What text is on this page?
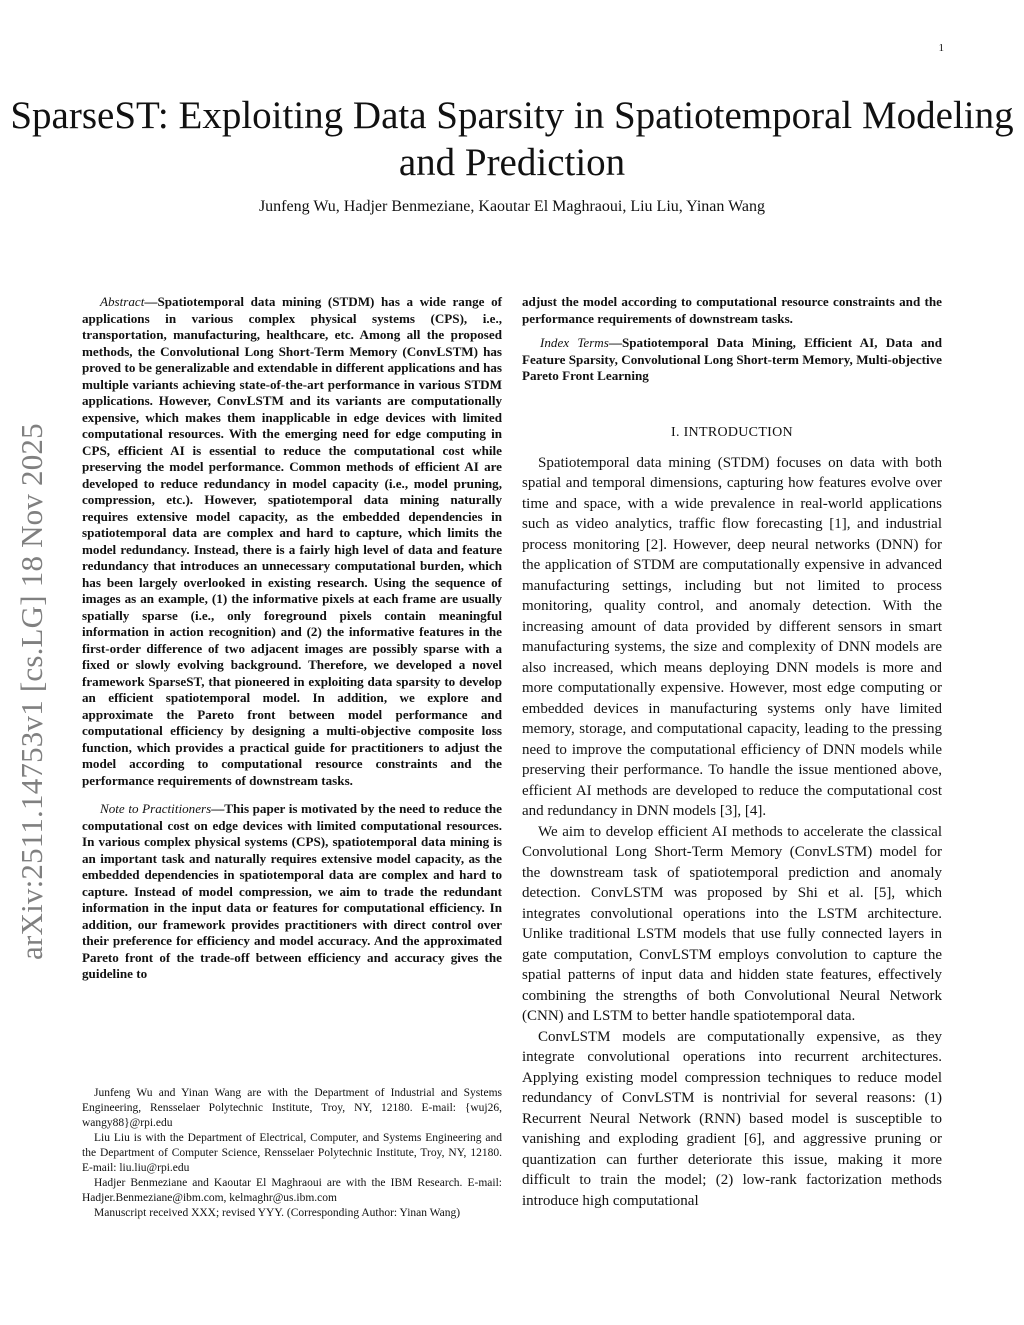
1
arXiv:2511.14753v1 [cs.LG] 18 Nov 2025
SparseST: Exploiting Data Sparsity in Spatiotemporal Modeling and Prediction

Junfeng Wu, Hadjer Benmeziane, Kaoutar El Maghraoui, Liu Liu, Yinan Wang

Abstract—Spatiotemporal data mining (STDM) has a wide range of applications in various complex physical systems (CPS), i.e., transportation, manufacturing, healthcare, etc. Among all the proposed methods, the Convolutional Long Short-Term Memory (ConvLSTM) has proved to be generalizable and extendable in different applications and has multiple variants achieving state-of-the-art performance in various STDM applications. However, ConvLSTM and its variants are computationally expensive, which makes them inapplicable in edge devices with limited computational resources. With the emerging need for edge computing in CPS, efficient AI is essential to reduce the computational cost while preserving the model performance. Common methods of efficient AI are developed to reduce redundancy in model capacity (i.e., model pruning, compression, etc.). However, spatiotemporal data mining naturally requires extensive model capacity, as the embedded dependencies in spatiotemporal data are complex and hard to capture, which limits the model redundancy. Instead, there is a fairly high level of data and feature redundancy that introduces an unnecessary computational burden, which has been largely overlooked in existing research. Using the sequence of images as an example, (1) the informative pixels at each frame are usually spatially sparse (i.e., only foreground pixels contain meaningful information in action recognition) and (2) the informative features in the first-order difference of two adjacent images are possibly sparse with a fixed or slowly evolving background. Therefore, we developed a novel framework SparseST, that pioneered in exploiting data sparsity to develop an efficient spatiotemporal model. In addition, we explore and approximate the Pareto front between model performance and computational efficiency by designing a multi-objective composite loss function, which provides a practical guide for practitioners to adjust the model according to computational resource constraints and the performance requirements of downstream tasks.

Note to Practitioners—This paper is motivated by the need to reduce the computational cost on edge devices with limited computational resources. In various complex physical systems (CPS), spatiotemporal data mining is an important task and naturally requires extensive model capacity, as the embedded dependencies in spatiotemporal data are complex and hard to capture. Instead of model compression, we aim to trade the redundant information in the input data or features for computational efficiency. In addition, our framework provides practitioners with direct control over their preference for efficiency and model accuracy. And the approximated Pareto front of the trade-off between efficiency and accuracy gives the guideline to

adjust the model according to computational resource constraints and the performance requirements of downstream tasks.

Index Terms—Spatiotemporal Data Mining, Efficient AI, Data and Feature Sparsity, Convolutional Long Short-term Memory, Multi-objective Pareto Front Learning

I. INTRODUCTION

Spatiotemporal data mining (STDM) focuses on data with both spatial and temporal dimensions, capturing how features evolve over time and space, with a wide prevalence in real-world applications such as video analytics, traffic flow forecasting [1], and industrial process monitoring [2]. However, deep neural networks (DNN) for the application of STDM are computationally expensive in advanced manufacturing settings, including but not limited to process monitoring, quality control, and anomaly detection. With the increasing amount of data provided by different sensors in smart manufacturing systems, the size and complexity of DNN models are also increased, which means deploying DNN models is more and more computationally expensive. However, most edge computing or embedded devices in manufacturing systems only have limited memory, storage, and computational capacity, leading to the pressing need to improve the computational efficiency of DNN models while preserving their performance. To handle the issue mentioned above, efficient AI methods are developed to reduce the computational cost and redundancy in DNN models [3], [4].

We aim to develop efficient AI methods to accelerate the classical Convolutional Long Short-Term Memory (ConvLSTM) model for the downstream task of spatiotemporal prediction and anomaly detection. ConvLSTM was proposed by Shi et al. [5], which integrates convolutional operations into the LSTM architecture. Unlike traditional LSTM models that use fully connected layers in gate computation, ConvLSTM employs convolution to capture the spatial patterns of input data and hidden state features, effectively combining the strengths of both Convolutional Neural Network (CNN) and LSTM to better handle spatiotemporal data.

ConvLSTM models are computationally expensive, as they integrate convolutional operations into recurrent architectures. Applying existing model compression techniques to reduce model redundancy of ConvLSTM is nontrivial for several reasons: (1) Recurrent Neural Network (RNN) based model is susceptible to vanishing and exploding gradient [6], and aggressive pruning or quantization can further deteriorate this issue, making it more difficult to train the model; (2) low-rank factorization methods introduce high computational

Junfeng Wu and Yinan Wang are with the Department of Industrial and Systems Engineering, Rensselaer Polytechnic Institute, Troy, NY, 12180. E-mail: {wuj26, wangy88}@rpi.edu

Liu Liu is with the Department of Electrical, Computer, and Systems Engineering and the Department of Computer Science, Rensselaer Polytechnic Institute, Troy, NY, 12180. E-mail: liu.liu@rpi.edu

Hadjer Benmeziane and Kaoutar El Maghraoui are with the IBM Research. E-mail: Hadjer.Benmeziane@ibm.com, kelmaghr@us.ibm.com

Manuscript received XXX; revised YYY. (Corresponding Author: Yinan Wang)
